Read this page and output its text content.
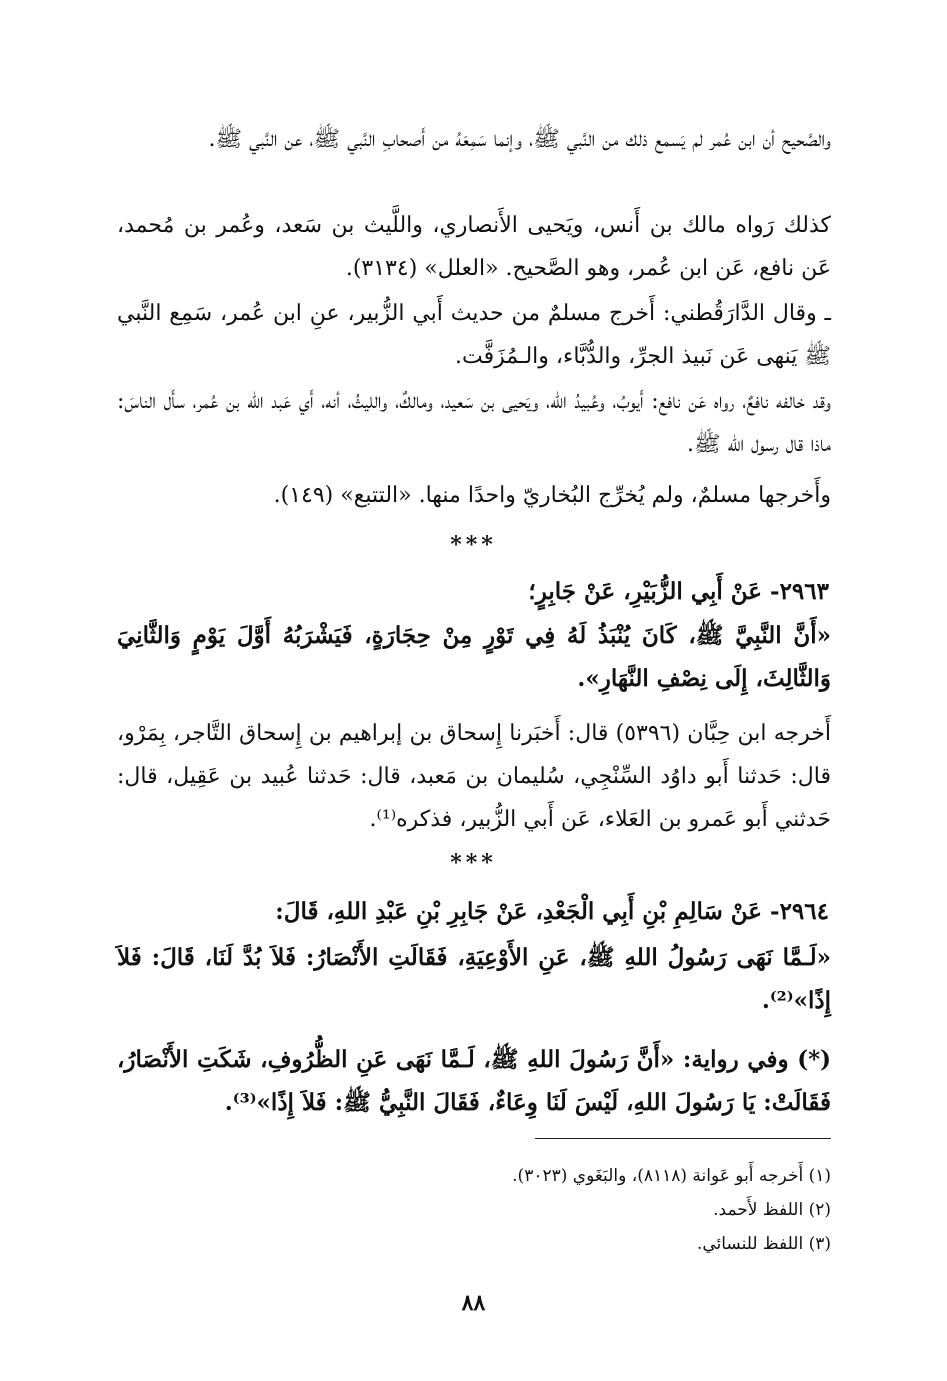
والصَّحيح أن ابن عُمر لم يَسمع ذلك من النَّبي ﷺ، وإنما سَمِعَهُ من أَصحابِ النَّبي ﷺ، عن النَّبي ﷺ.
كذلك رَواه مالك بن أَنس، ويَحيى الأَنصاري، واللَّيث بن سَعد، وعُمر بن مُحمد، عَن نافع، عَن ابن عُمر، وهو الصَّحيح. «العلل» (٣١٣٤).
ـ وقال الدَّارَقُطني: أَخرج مسلمٌ من حديث أَبي الزُّبير، عنِ ابن عُمر، سَمِع النَّبي ﷺ يَنهى عَن نَبيذ الجرِّ، والدُّبَّاء، والـمُزَفَّت.
وقد خالفه نافعٌ، رواه عَن نافع: أَيوبُ، وعُبيدُ الله، ويَحيى بن سَعيد، ومالكٌ، والليثُ، أنه، أَي عَبد الله بن عُمر، سأَل الناسَ: ماذا قال رسول الله ﷺ.
وأَخرجها مسلمٌ، ولم يُخرِّج البُخاريّ واحدًا منها. «التتبع» (١٤٩).
***
٢٩٦٣- عَنْ أَبِي الزُّبَيْرِ، عَنْ جَابِرٍ؛
«أَنَّ النَّبِيَّ ﷺ، كَانَ يُنْبَذُ لَهُ فِي تَوْرٍ مِنْ حِجَارَةٍ، فَيَشْرَبُهُ أَوَّلَ يَوْمٍ وَالثَّانِيَ وَالثَّالِثَ، إِلَى نِصْفِ النَّهَارِ».
أَخرجه ابن حِبَّان (٥٣٩٦) قال: أَخبَرنا إِسحاق بن إبراهيم بن إِسحاق التَّاجر، بِمَرْو، قال: حَدثنا أَبو داوُد السِّنْجِي، سُليمان بن مَعبد، قال: حَدثنا عُبيد بن عَقِيل، قال: حَدثني أَبو عَمرو بن العَلاء، عَن أَبي الزُّبير، فذكره⁽¹⁾.
***
٢٩٦٤- عَنْ سَالِمِ بْنِ أَبِي الْجَعْدِ، عَنْ جَابِرِ بْنِ عَبْدِ اللهِ، قَالَ:
«لَـمَّا نَهَى رَسُولُ اللهِ ﷺ، عَنِ الأَوْعِيَةِ، فَقَالَتِ الأَنْصَارُ: فَلاَ بُدَّ لَنَا، قَالَ: فَلاَ إِذًا»⁽²⁾.
(*) وفي رواية: «أَنَّ رَسُولَ اللهِ ﷺ، لَـمَّا نَهَى عَنِ الظُّرُوفِ، شَكَتِ الأَنْصَارُ، فَقَالَتْ: يَا رَسُولَ اللهِ، لَيْسَ لَنَا وِعَاءٌ، فَقَالَ النَّبِيُّ ﷺ: فَلاَ إِذًا»⁽³⁾.
(١) أَخرجه أَبو عَوانة (٨١١٨)، والبَغَوي (٣٠٢٣).
(٢) اللفظ لأَحمد.
(٣) اللفظ للنسائي.
٨٨
